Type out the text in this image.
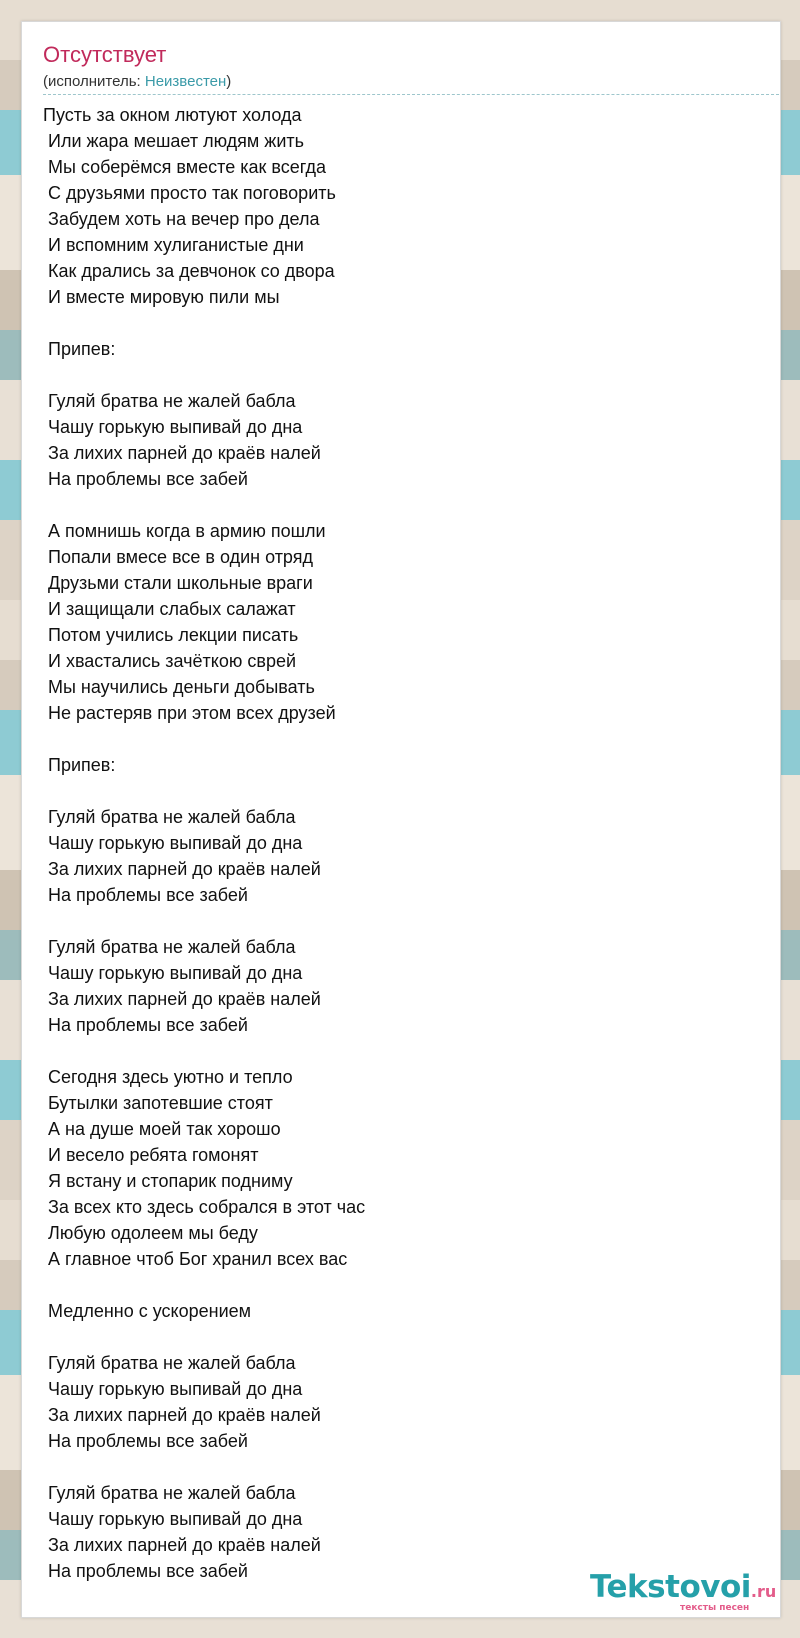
Отсутствует
(исполнитель: Неизвестен)
Пусть за окном лютуют холода
Или жара мешает людям жить
Мы соберёмся вместе как всегда
С друзьями просто так поговорить
Забудем хоть на вечер про дела
И вспомним хулиганистые дни
Как дрались за девчонок со двора
И вместе мировую пили мы
Припев:
Гуляй братва не жалей бабла
Чашу горькую выпивай до дна
За лихих парней до краёв налей
На проблемы все забей
А помнишь когда в армию пошли
Попали вмесе все в один отряд
Друзьми стали школьные враги
И защищали слабых салажат
Потом учились лекции писать
И хвастались зачёткою сврей
Мы научились деньги добывать
Не растеряв при этом всех друзей
Припев:
Гуляй братва не жалей бабла
Чашу горькую выпивай до дна
За лихих парней до краёв налей
На проблемы все забей
Гуляй братва не жалей бабла
Чашу горькую выпивай до дна
За лихих парней до краёв налей
На проблемы все забей
Сегодня здесь уютно и тепло
Бутылки запотевшие стоят
А на душе моей так хорошо
И весело ребята гомонят
Я встану и стопарик подниму
За всех кто здесь собрался в этот час
Любую одолеем мы беду
А главное чтоб Бог хранил всех вас
Медленно с ускорением
Гуляй братва не жалей бабла
Чашу горькую выпивай до дна
За лихих парней до краёв налей
На проблемы все забей
Гуляй братва не жалей бабла
Чашу горькую выпивай до дна
За лихих парней до краёв налей
На проблемы все забей	Tekstovoi.ru
тексты песен
